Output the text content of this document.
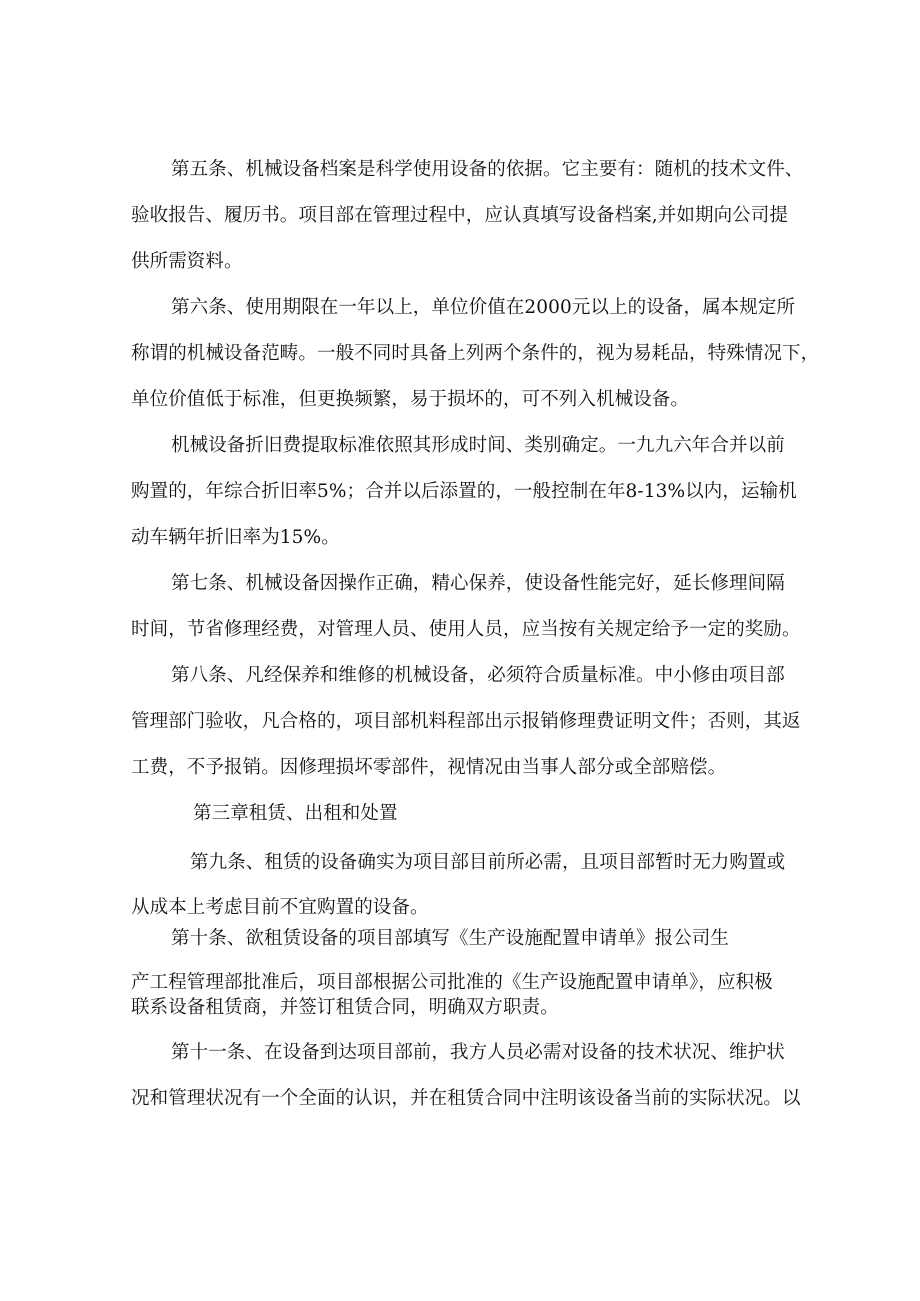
第五条、机械设备档案是科学使用设备的依据。它主要有：随机的技术文件、
验收报告、履历书。项目部在管理过程中，应认真填写设备档案,并如期向公司提
供所需资料。
第六条、使用期限在一年以上，单位价值在2000元以上的设备，属本规定所
称谓的机械设备范畴。一般不同时具备上列两个条件的，视为易耗品，特殊情况下，
单位价值低于标准，但更换频繁，易于损坏的，可不列入机械设备。
机械设备折旧费提取标准依照其形成时间、类别确定。一九九六年合并以前
购置的，年综合折旧率5%；合并以后添置的，一般控制在年8-13%以内，运输机
动车辆年折旧率为15%。
第七条、机械设备因操作正确，精心保养，使设备性能完好，延长修理间隔
时间，节省修理经费，对管理人员、使用人员，应当按有关规定给予一定的奖励。
第八条、凡经保养和维修的机械设备，必须符合质量标准。中小修由项目部
管理部门验收，凡合格的，项目部机料程部出示报销修理费证明文件；否则，其返
工费，不予报销。因修理损坏零部件，视情况由当事人部分或全部赔偿。
第三章租赁、出租和处置
第九条、租赁的设备确实为项目部目前所必需，且项目部暂时无力购置或
从成本上考虑目前不宜购置的设备。
第十条、欲租赁设备的项目部填写《生产设施配置申请单》报公司生
产工程管理部批准后，项目部根据公司批准的《生产设施配置申请单》，应积极
联系设备租赁商，并签订租赁合同，明确双方职责。
第十一条、在设备到达项目部前，我方人员必需对设备的技术状况、维护状
况和管理状况有一个全面的认识，并在租赁合同中注明该设备当前的实际状况。以
